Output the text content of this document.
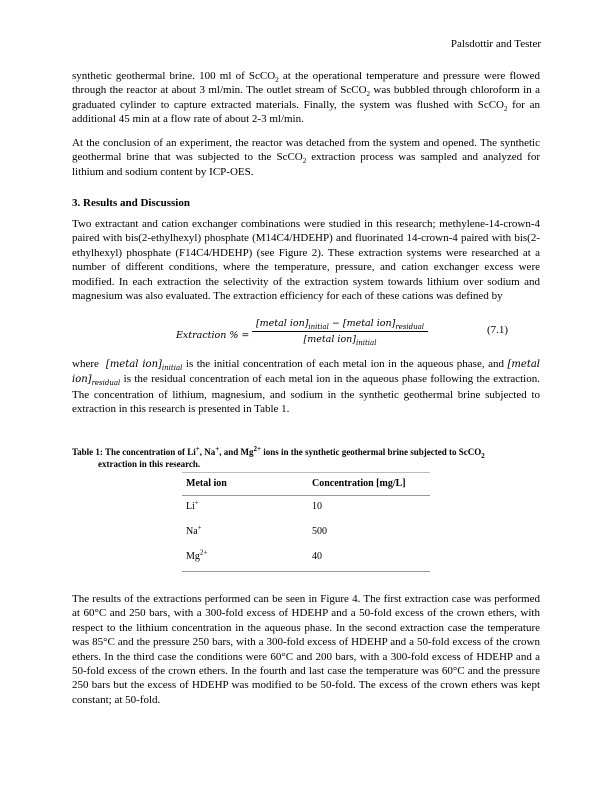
Palsdottir and Tester

synthetic geothermal brine. 100 ml of ScCO$_2$ at the operational temperature and pressure were flowed through the reactor at about 3 ml/min. The outlet stream of ScCO$_2$ was bubbled through chloroform in a graduated cylinder to capture extracted materials. Finally, the system was flushed with ScCO$_2$ for an additional 45 min at a flow rate of about 2-3 ml/min.

At the conclusion of an experiment, the reactor was detached from the system and opened. The synthetic geothermal brine that was subjected to the ScCO$_2$ extraction process was sampled and analyzed for lithium and sodium content by ICP-OES.

3. Results and Discussion

Two extractant and cation exchanger combinations were studied in this research; methylene-14-crown-4 paired with bis(2-ethylhexyl) phosphate (M14C4/HDEHP) and fluorinated 14-crown-4 paired with bis(2-ethylhexyl) phosphate (F14C4/HDEHP) (see Figure 2). These extraction systems were researched at a number of different conditions, where the temperature, pressure, and cation exchanger excess were modified. In each extraction the selectivity of the extraction system towards lithium over sodium and magnesium was also evaluated. The extraction efficiency for each of these cations was defined by

Extraction % =
[metal $ion]_{initial}$ − [metal $ion]_{residual}$
[metal $ion]_{initial}$
(7.1)

where [metal $ion]_{initial}$ is the initial concentration of each metal ion in the aqueous phase, and [metal $ion]_{residual}$ is the residual concentration of each metal ion in the aqueous phase following the extraction. The concentration of lithium, magnesium, and sodium in the synthetic geothermal brine subjected to extraction in this research is presented in Table 1.

Table 1: The concentration of Li+, Na+, and $Mg^{2+}$ ions in the synthetic geothermal brine subjected to ScCO$_2$
extraction in this research.

Metal ion	Concentration [mg/L]
Li+	10
Na+	500
$Mg^{2+}$	40

The results of the extractions performed can be seen in Figure 4. The first extraction case was performed at 60°C and 250 bars, with a 300-fold excess of HDEHP and a 50-fold excess of the crown ethers, with respect to the lithium concentration in the aqueous phase. In the second extraction case the temperature was 85°C and the pressure 250 bars, with a 300-fold excess of HDEHP and a 50-fold excess of the crown ethers. In the third case the conditions were 60°C and 200 bars, with a 300-fold excess of HDEHP and a 50-fold excess of the crown ethers. In the fourth and last case the temperature was 60°C and the pressure 250 bars but the excess of HDEHP was modified to be 50-fold. The excess of the crown ethers was kept constant; at 50-fold.
